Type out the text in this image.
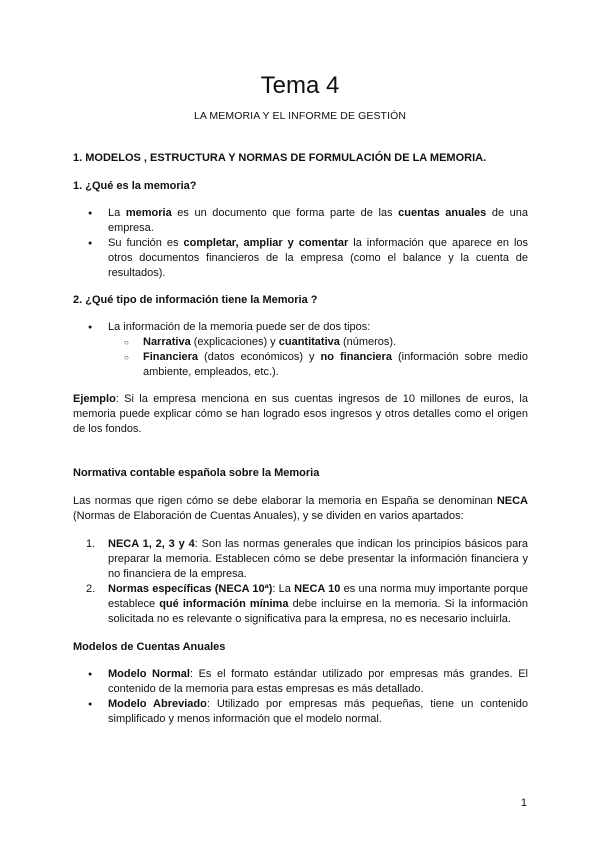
Tema 4

LA MEMORIA Y EL INFORME DE GESTIÓN

1. MODELOS , ESTRUCTURA Y NORMAS DE FORMULACIÓN DE LA MEMORIA.

1. ¿Qué es la memoria?

● La memoria es un documento que forma parte de las cuentas anuales de una empresa.
● Su función es completar, ampliar y comentar la información que aparece en los otros documentos financieros de la empresa (como el balance y la cuenta de resultados).

2. ¿Qué tipo de información tiene la Memoria ?

● La información de la memoria puede ser de dos tipos:
○ Narrativa (explicaciones) y cuantitativa (números).
○ Financiera (datos económicos) y no financiera (información sobre medio ambiente, empleados, etc.).

Ejemplo: Si la empresa menciona en sus cuentas ingresos de 10 millones de euros, la memoria puede explicar cómo se han logrado esos ingresos y otros detalles como el origen de los fondos.

Normativa contable española sobre la Memoria

Las normas que rigen cómo se debe elaborar la memoria en España se denominan NECA (Normas de Elaboración de Cuentas Anuales), y se dividen en varios apartados:

1. NECA 1, 2, 3 y 4: Son las normas generales que indican los principios básicos para preparar la memoria. Establecen cómo se debe presentar la información financiera y no financiera de la empresa.
2. Normas específicas (NECA 10ª): La NECA 10 es una norma muy importante porque establece qué información mínima debe incluirse en la memoria. Si la información solicitada no es relevante o significativa para la empresa, no es necesario incluirla.

Modelos de Cuentas Anuales

● Modelo Normal: Es el formato estándar utilizado por empresas más grandes. El contenido de la memoria para estas empresas es más detallado.
● Modelo Abreviado: Utilizado por empresas más pequeñas, tiene un contenido simplificado y menos información que el modelo normal.
1
